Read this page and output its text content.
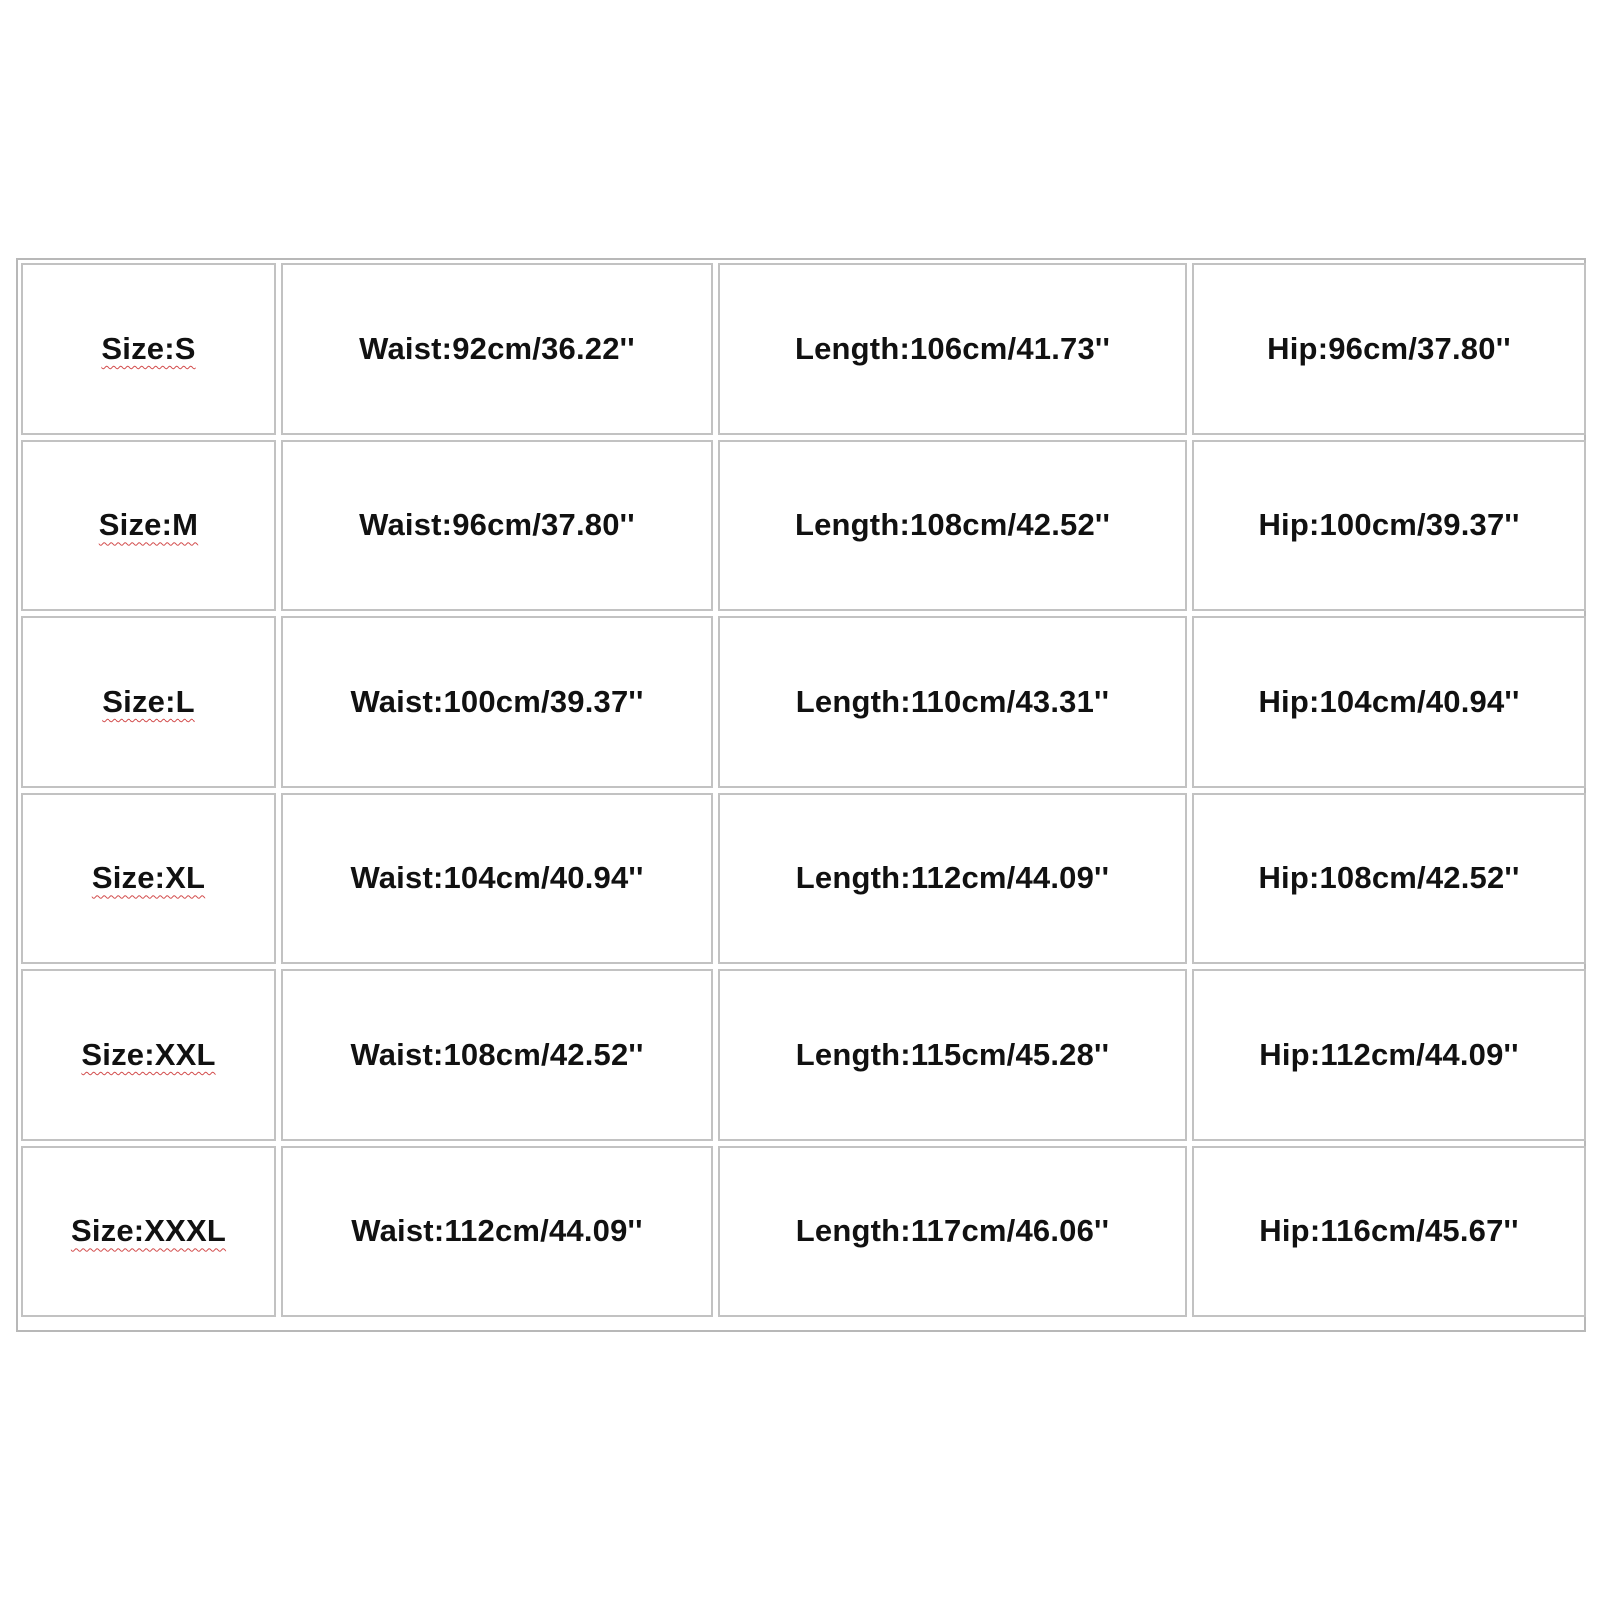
Size:S	Waist:92cm/36.22''	Length:106cm/41.73''	Hip:96cm/37.80''
Size:M	Waist:96cm/37.80''	Length:108cm/42.52''	Hip:100cm/39.37''
Size:L	Waist:100cm/39.37''	Length:110cm/43.31''	Hip:104cm/40.94''
Size:XL	Waist:104cm/40.94''	Length:112cm/44.09''	Hip:108cm/42.52''
Size:XXL	Waist:108cm/42.52''	Length:115cm/45.28''	Hip:112cm/44.09''
Size:XXXL	Waist:112cm/44.09''	Length:117cm/46.06''	Hip:116cm/45.67''
